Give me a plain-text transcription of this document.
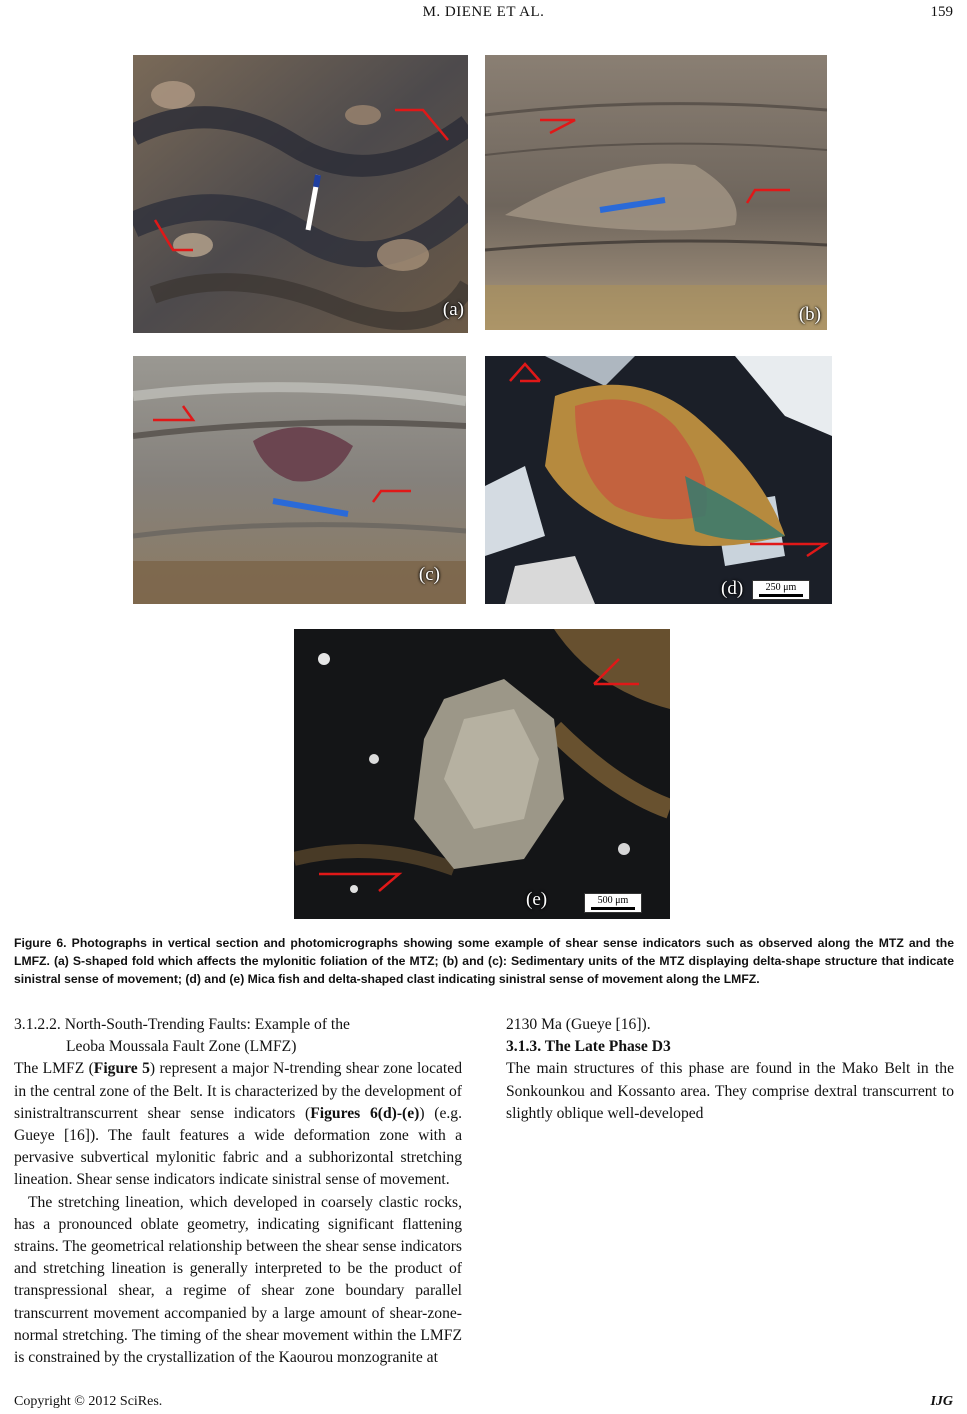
M. DIENE ET AL.	159
(a)	(b)
(c)
(d) 250 μm
(e)	500 μm
Figure 6. Photographs in vertical section and photomicrographs showing some example of shear sense indicators such as observed along the MTZ and the LMFZ. (a) S-shaped fold which affects the mylonitic foliation of the MTZ; (b) and (c): Sedimentary units of the MTZ displaying delta-shape structure that indicate sinistral sense of movement; (d) and (e) Mica fish and delta-shaped clast indicating sinistral sense of movement along the LMFZ.
3.1.2.2. North-South-Trending Faults: Example of the
Leoba Moussala Fault Zone (LMFZ)

The LMFZ (Figure 5) represent a major N-trending shear zone located in the central zone of the Belt. It is characterized by the development of sinistraltranscurrent shear sense indicators (Figures 6(d)-(e)) (e.g. Gueye [16]). The fault features a wide deformation zone with a pervasive subvertical mylonitic fabric and a subhorizontal stretching lineation. Shear sense indicators indicate sinistral sense of movement.

The stretching lineation, which developed in coarsely clastic rocks, has a pronounced oblate geometry, indicating significant flattening strains. The geometrical relationship between the shear sense indicators and stretching lineation is generally interpreted to be the product of transpressional shear, a regime of shear zone boundary parallel transcurrent movement accompanied by a large amount of shear-zone-normal stretching. The timing of the shear movement within the LMFZ is constrained by the crystallization of the Kaourou monzogranite at

2130 Ma (Gueye [16]).

3.1.3. The Late Phase D3

The main structures of this phase are found in the Mako Belt in the Sonkounkou and Kossanto area. They comprise dextral transcurrent to slightly oblique well-developed

Copyright © 2012 SciRes.	IJG
